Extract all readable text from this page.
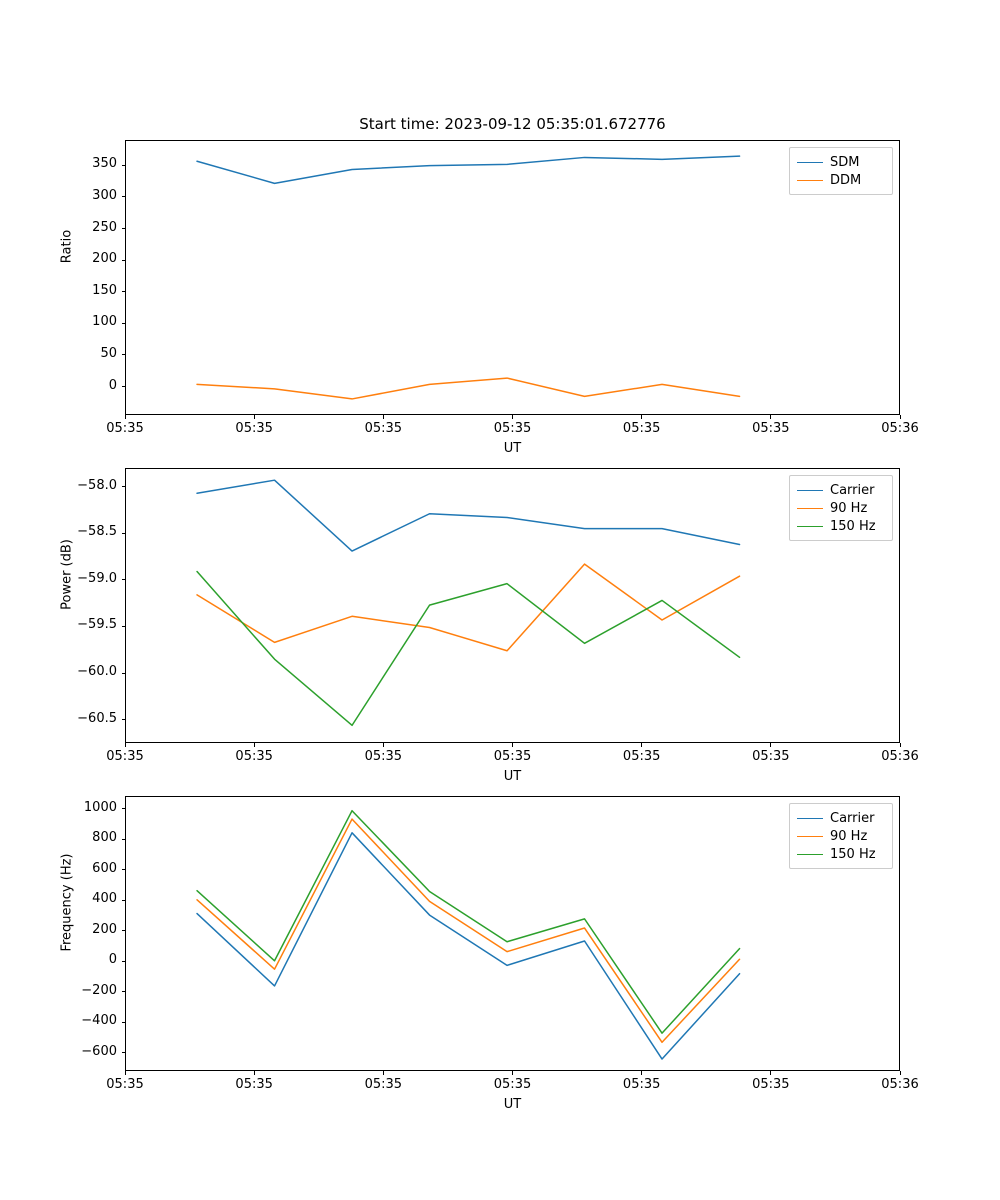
Start time: 2023-09-12 05:35:01.672776
UT
Ratio
SDM
DDM
05:35	05:35	05:35	05:35	05:35	05:35	05:36
0
50
100
150
200
250
300
350
UT
Power (dB)
Carrier
90 Hz
150 Hz
05:35	05:35	05:35	05:35	05:35	05:35	05:36
−60.5
−60.0
−59.5
−59.0
−58.5
−58.0
UT
Frequency (Hz)
Carrier
90 Hz
150 Hz
05:35	05:35	05:35	05:35	05:35	05:35	05:36
−600
−400
−200
0
200
400
600
800
1000
